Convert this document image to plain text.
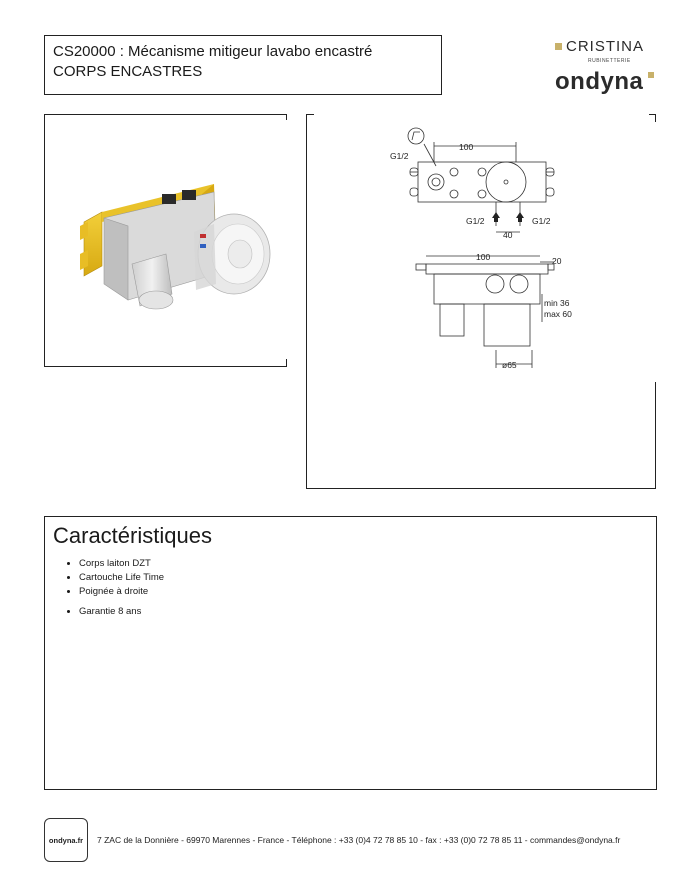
CS20000 : Mécanisme mitigeur lavabo encastré
CORPS ENCASTRES
CRISTINA
RUBINETTERIE
ondyna
100
G1/2
G1/2	G1/2
40
100	20
min 36
max 60
ø65
Caractéristiques
• Corps laiton DZT
• Cartouche Life Time
• Poignée à droite
• Garantie 8 ans
ondyna.fr 7 ZAC de la Donnière - 69970 Marennes - France - Téléphone : +33 (0)4 72 78 85 10 - fax : +33 (0)0 72 78 85 11 - commandes@ondyna.fr
